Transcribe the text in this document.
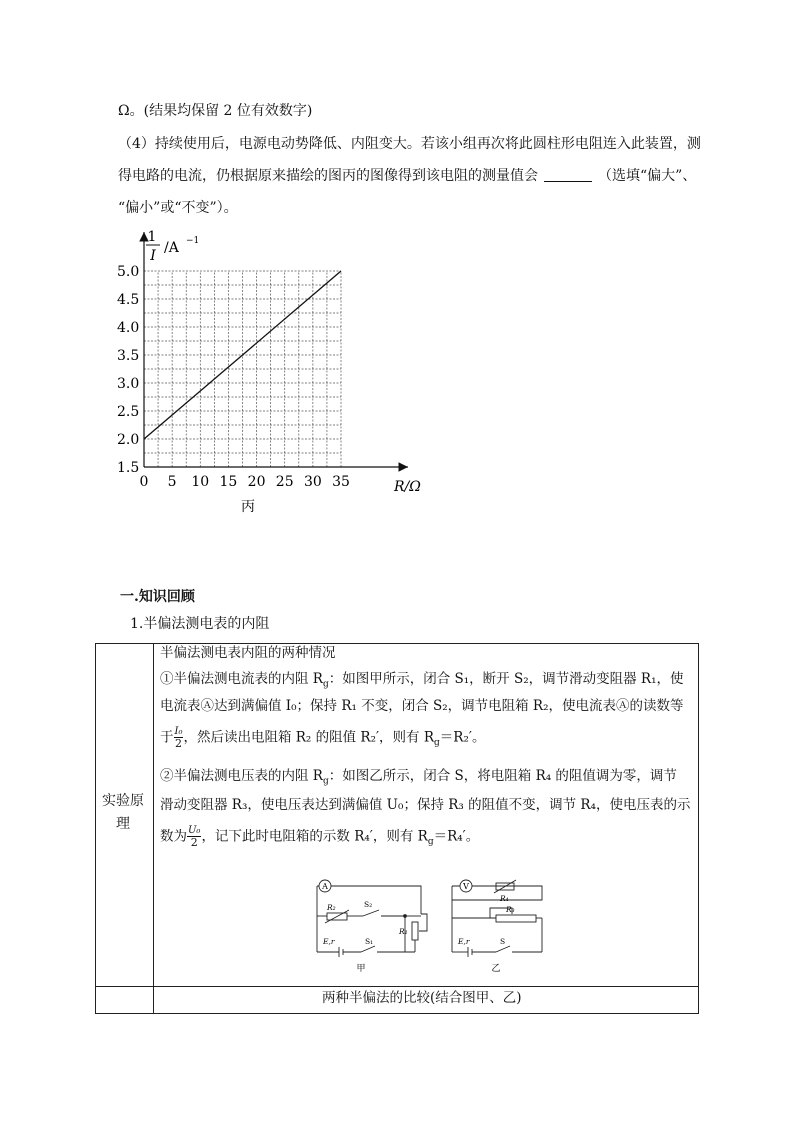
Ω。(结果均保留 2 位有效数字)
（4）持续使用后，电源电动势降低、内阻变大。若该小组再次将此圆柱形电阻连入此装置，测
得电路的电流，仍根据原来描绘的图丙的图像得到该电阻的测量值会	（选填“偏大”、
“偏小”或“不变”）。
0 5 10 15 20 25 30 35
1.5
2.0
2.5
3.0
3.5
4.0
4.5
5.0
1
I /A −1
R/Ω
丙
一.知识回顾
1.半偏法测电表的内阻
实验原
理
半偏法测电表内阻的两种情况
①半偏法测电流表的内阻 $R_g$：如图甲所示，闭合 S₁，断开 S₂，调节滑动变阻器 R₁，使
电流表Ⓐ达到满偏值 I₀；保持 R₁ 不变，闭合 S₂，调节电阻箱 R₂，使电流表Ⓐ的读数等
于 $\frac{\text{I₀}}{2}$ ，然后读出电阻箱 R₂ 的阻值 R₂′，则有 $R_g=R_2'$。
②半偏法测电压表的内阻 $R_g$：如图乙所示，闭合 S，将电阻箱 R₄ 的阻值调为零，调节
滑动变阻器 R₃，使电压表达到满偏值 U₀；保持 R₃ 的阻值不变，调节 R₄，使电压表的示
数为 $\frac{\text{U₀}}{2}$ ，记下此时电阻箱的示数 R₄′，则有 $R_g=R_4'$。
A
R₂	S₂
R₁
E,r	S₁
甲
V
R₄
R₃
E,r	S
乙
两种半偏法的比较(结合图甲、乙)
